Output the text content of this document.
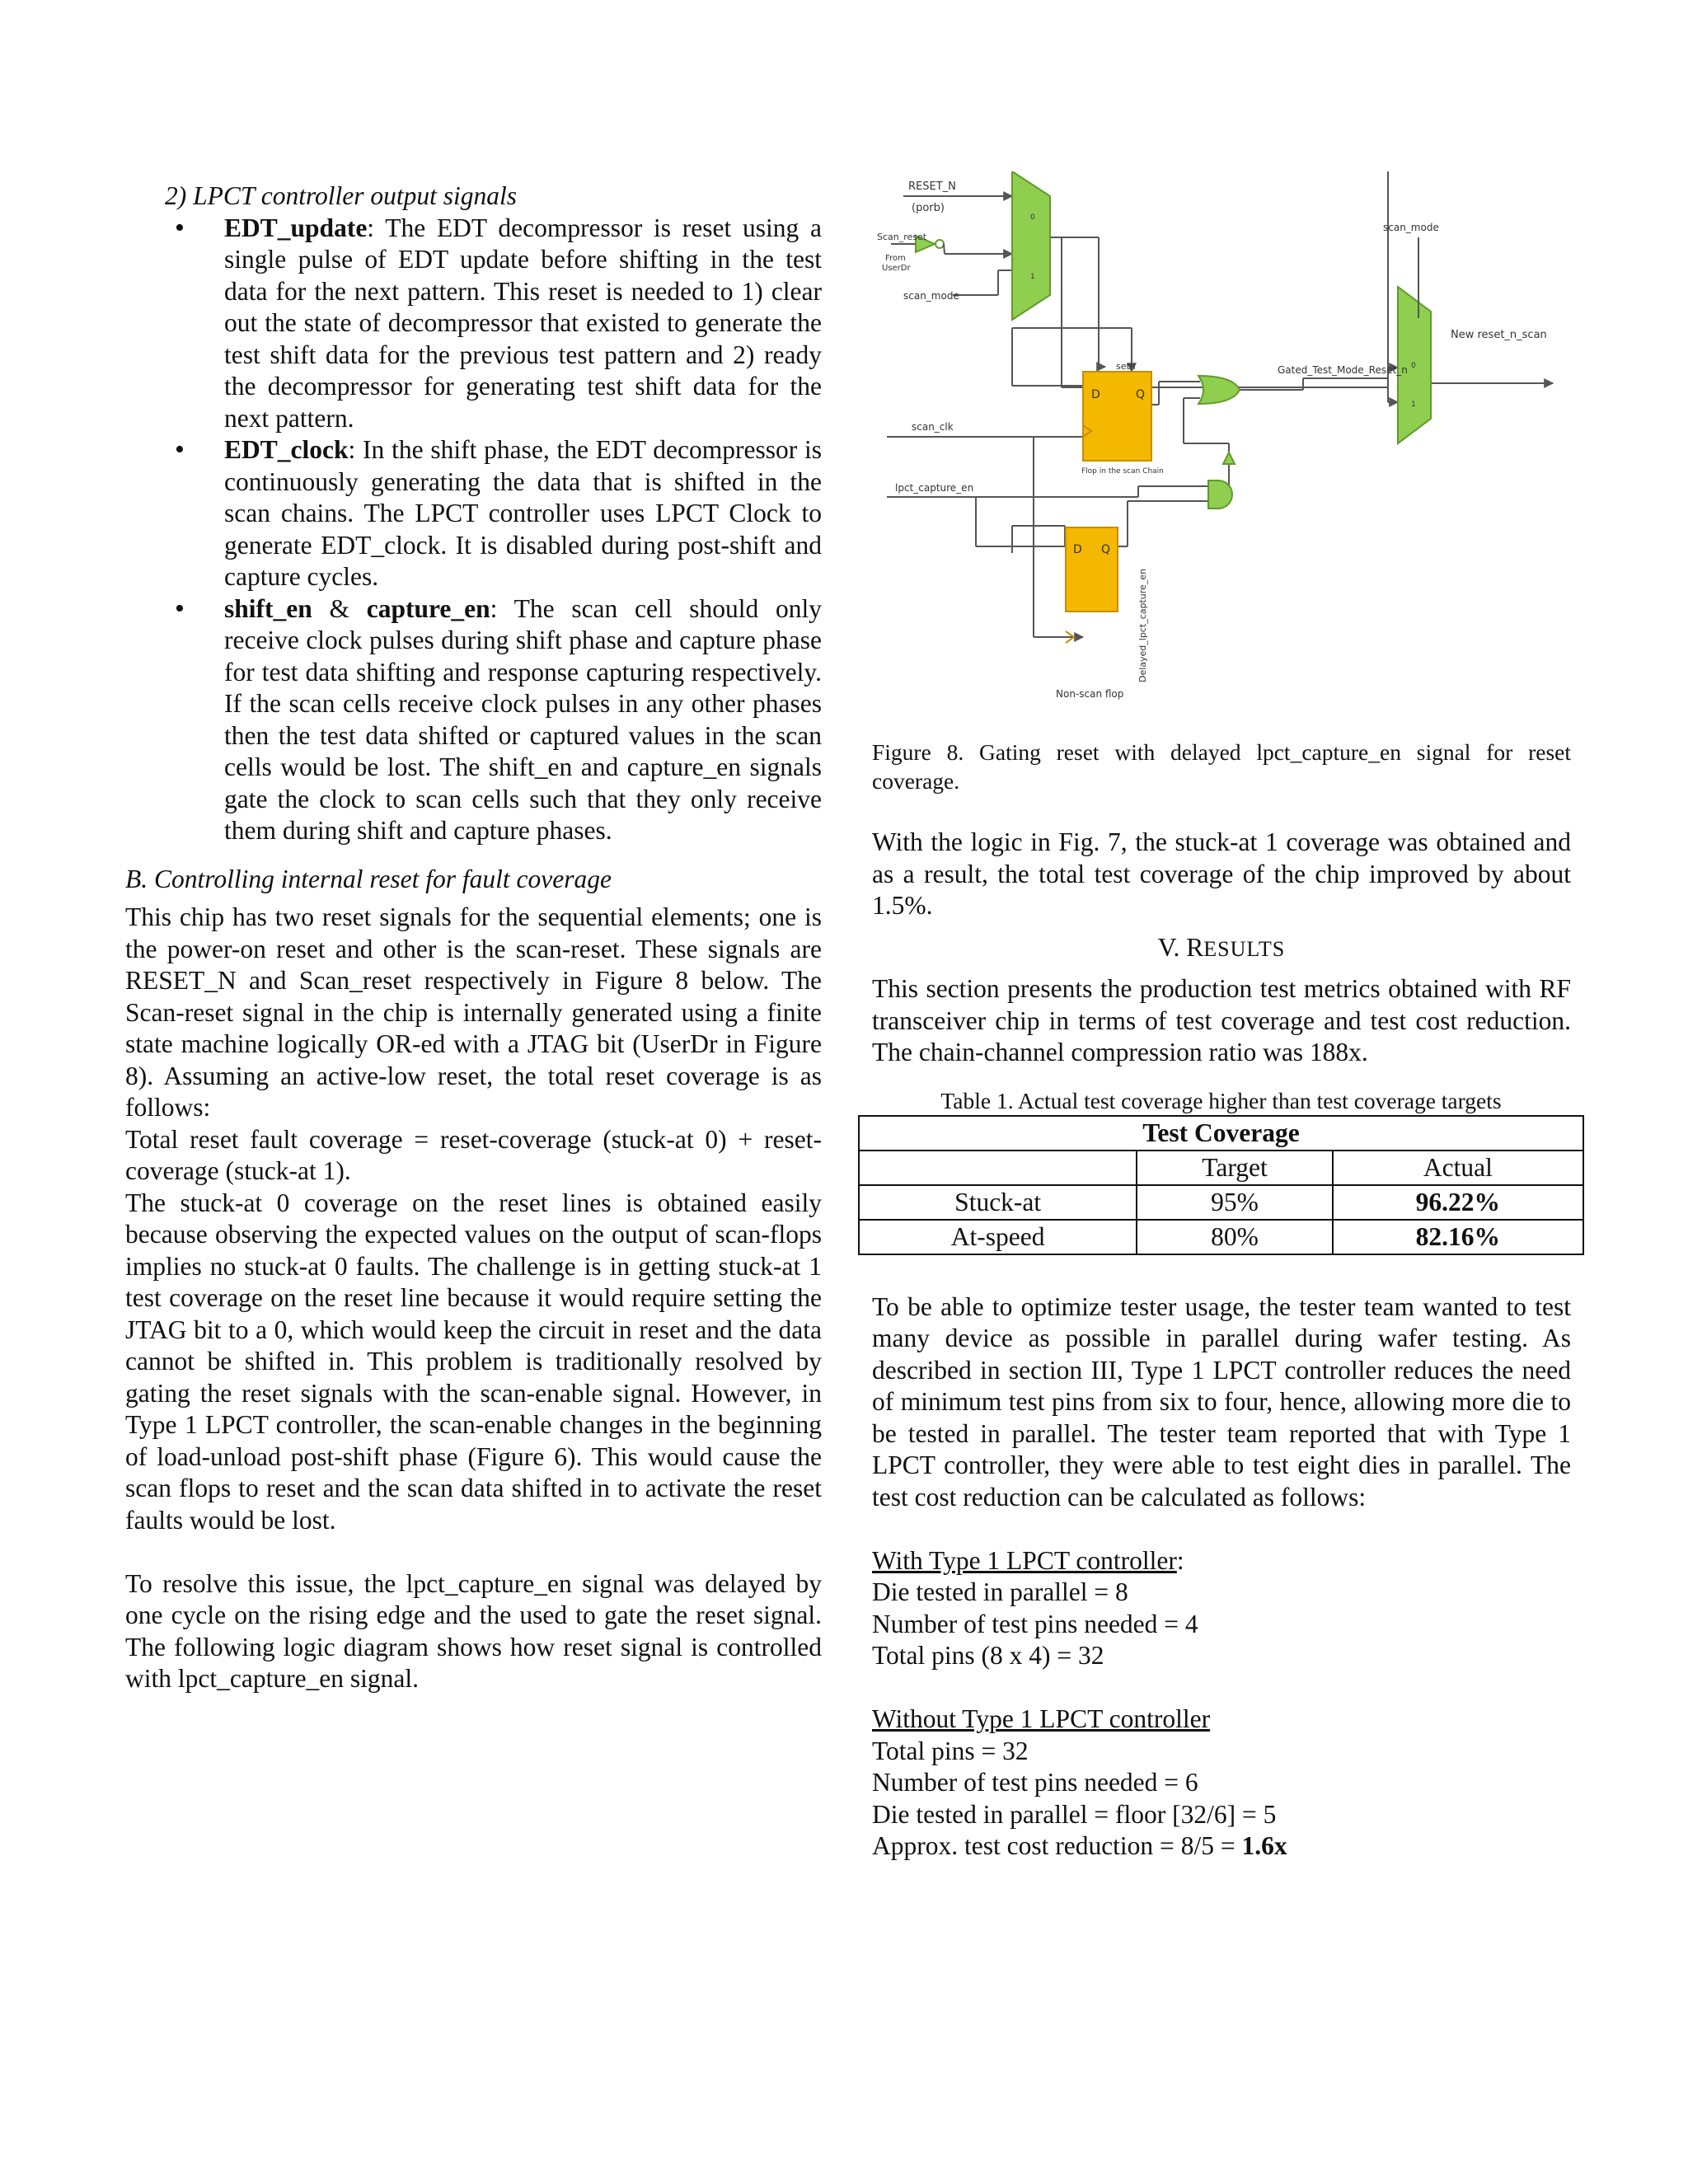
2) LPCT controller output signals

• EDT_update: The EDT decompressor is reset using a single pulse of EDT update before shifting in the test data for the next pattern. This reset is needed to 1) clear out the state of decompressor that existed to generate the test shift data for the previous test pattern and 2) ready the decompressor for generating test shift data for the next pattern.
• EDT_clock: In the shift phase, the EDT decompressor is continuously generating the data that is shifted in the scan chains. The LPCT controller uses LPCT Clock to generate EDT_clock. It is disabled during post-shift and capture cycles.
• shift_en & capture_en: The scan cell should only receive clock pulses during shift phase and capture phase for test data shifting and response capturing respectively. If the scan cells receive clock pulses in any other phases then the test data shifted or captured values in the scan cells would be lost. The shift_en and capture_en signals gate the clock to scan cells such that they only receive them during shift and capture phases.

B. Controlling internal reset for fault coverage

This chip has two reset signals for the sequential elements; one is the power-on reset and other is the scan-reset. These signals are RESET_N and Scan_reset respectively in Figure 8 below. The Scan-reset signal in the chip is internally generated using a finite state machine logically OR-ed with a JTAG bit (UserDr in Figure 8). Assuming an active-low reset, the total reset coverage is as follows:

Total reset fault coverage = reset-coverage (stuck-at 0) + reset-coverage (stuck-at 1).

The stuck-at 0 coverage on the reset lines is obtained easily because observing the expected values on the output of scan-flops implies no stuck-at 0 faults. The challenge is in getting stuck-at 1 test coverage on the reset line because it would require setting the JTAG bit to a 0, which would keep the circuit in reset and the data cannot be shifted in. This problem is traditionally resolved by gating the reset signals with the scan-enable signal. However, in Type 1 LPCT controller, the scan-enable changes in the beginning of load-unload post-shift phase (Figure 6). This would cause the scan flops to reset and the scan data shifted in to activate the reset faults would be lost.

To resolve this issue, the lpct_capture_en signal was delayed by one cycle on the rising edge and the used to gate the reset signal. The following logic diagram shows how reset signal is controlled with lpct_capture_en signal.

0
1
D	Q
setn
Flop in the scan Chain
D Q
Non-scan flop
Delayed_lpct_capture_en
0
1
RESET_N
(porb)
Scan_reset
From
UserDr
scan_mode
scan_mode
New reset_n_scan
Gated_Test_Mode_Reset_n
scan_clk
lpct_capture_en
Figure 8. Gating reset with delayed lpct_capture_en signal for reset coverage.

With the logic in Fig. 7, the stuck-at 1 coverage was obtained and as a result, the total test coverage of the chip improved by about 1.5%.

V. RESULTS

This section presents the production test metrics obtained with RF transceiver chip in terms of test coverage and test cost reduction. The chain-channel compression ratio was 188x.

Table 1. Actual test coverage higher than test coverage targets
Test Coverage		
	Target	Actual
Stuck-at	95%	96.22%
At-speed	80%	82.16%

To be able to optimize tester usage, the tester team wanted to test many device as possible in parallel during wafer testing. As described in section III, Type 1 LPCT controller reduces the need of minimum test pins from six to four, hence, allowing more die to be tested in parallel. The tester team reported that with Type 1 LPCT controller, they were able to test eight dies in parallel. The test cost reduction can be calculated as follows:

With Type 1 LPCT controller:

Die tested in parallel = 8

Number of test pins needed = 4

Total pins (8 x 4) = 32

Without Type 1 LPCT controller

Total pins = 32

Number of test pins needed = 6

Die tested in parallel = floor [32/6] = 5

Approx. test cost reduction = 8/5 = 1.6x
